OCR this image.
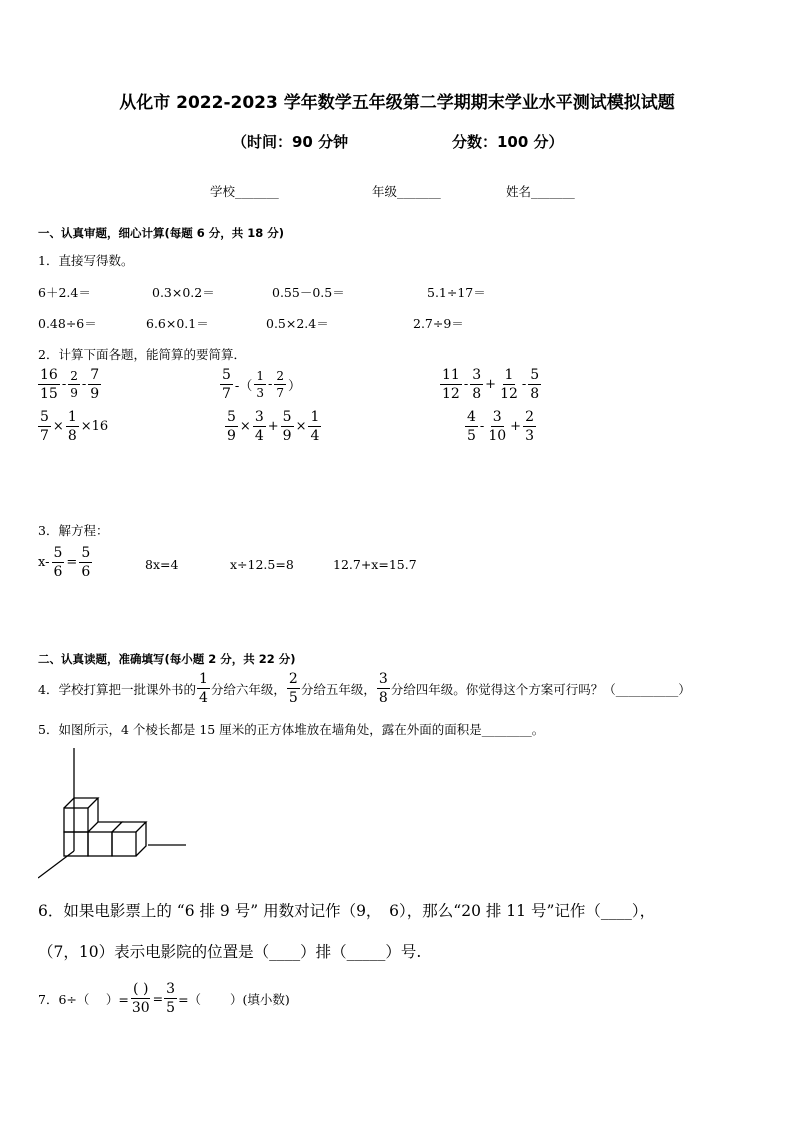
从化市 2022-2023 学年数学五年级第二学期期末学业水平测试模拟试题
（时间：90 分钟	分数：100 分）
学校_______	年级_______	姓名_______
一、认真审题，细心计算(每题 6 分，共 18 分)
1．直接写得数。
6＋2.4＝	0.3×0.2＝	0.55－0.5＝	5.1÷17＝
0.48÷6＝	6.6×0.1＝	0.5×2.4＝	2.7÷9＝
2．计算下面各题，能简算的要简算．
$\frac{16}{15} - \frac{2}{9} - \frac{7}{9}$	$\frac{5}{7}$ -（ $\frac{1}{3} - \frac{2}{7}$ ）	$\frac{11}{12} - \frac{3}{8} + \frac{1}{12} - \frac{5}{8}$
$\frac{5}{7} \times \frac{1}{8} \times 16$	$\frac{5}{9} \times \frac{3}{4} + \frac{5}{9} \times \frac{1}{4}$	$\frac{4}{5} - \frac{3}{10} + \frac{2}{3}$
3．解方程：
$x- \frac{5}{6} = \frac{5}{6}$	8x=4	x÷12.5=8	12.7+x=15.7
二、认真读题，准确填写(每小题 2 分，共 22 分)
4．学校打算把一批课外书的 $\frac{1}{4}$ 分给六年级， $\frac{2}{5}$ 分给五年级， $\frac{3}{8}$ 分给四年级。你觉得这个方案可行吗？（__________）
5．如图所示，4 个棱长都是 15 厘米的正方体堆放在墙角处，露在外面的面积是________。
6．如果电影票上的 “6 排 9 号” 用数对记作（9，　6），那么“20 排 11 号”记作（____），
（7，10）表示电影院的位置是（____）排（_____）号.
7．6÷（　 ）= $\frac{( )}{30} = \frac{3}{5}$ =（　　 ）(填小数)
